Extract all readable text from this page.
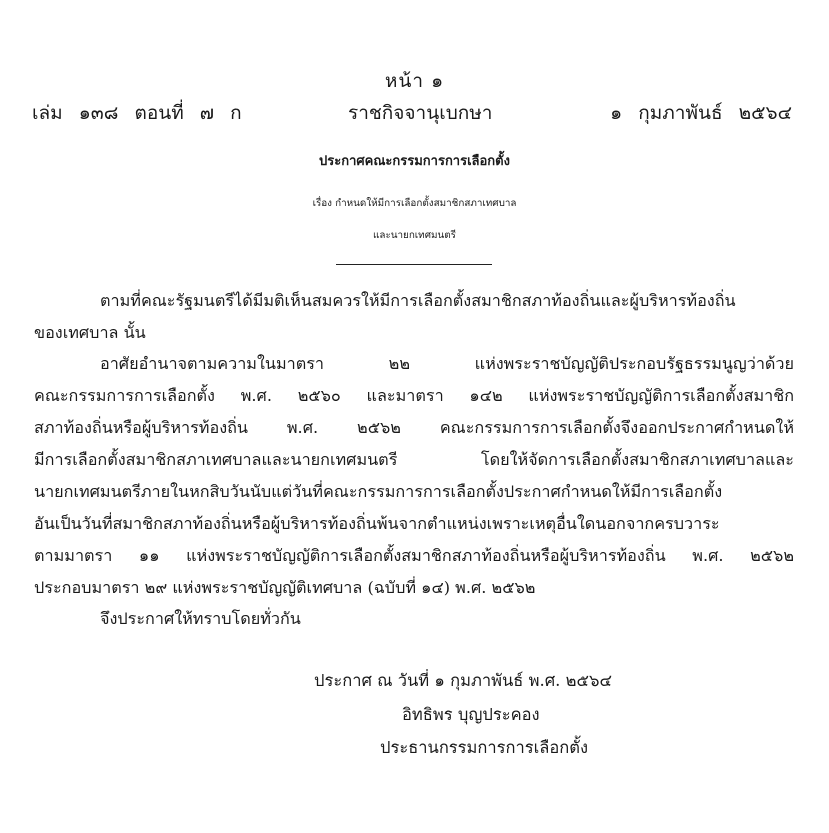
หน้า ๑
เล่ม ๑๓๘ ตอนที่ ๗ ก	ราชกิจจานุเบกษา	๑ กุมภาพันธ์ ๒๕๖๔
ประกาศคณะกรรมการการเลือกตั้ง
เรื่อง กำหนดให้มีการเลือกตั้งสมาชิกสภาเทศบาล
และนายกเทศมนตรี
ตามที่คณะรัฐมนตรีได้มีมติเห็นสมควรให้มีการเลือกตั้งสมาชิกสภาท้องถิ่นและผู้บริหารท้องถิ่น
ของเทศบาล นั้น
อาศัยอำนาจตามความในมาตรา ๒๒ แห่งพระราชบัญญัติประกอบรัฐธรรมนูญว่าด้วย
คณะกรรมการการเลือกตั้ง พ.ศ. ๒๕๖๐ และมาตรา ๑๔๒ แห่งพระราชบัญญัติการเลือกตั้งสมาชิก
สภาท้องถิ่นหรือผู้บริหารท้องถิ่น พ.ศ. ๒๕๖๒ คณะกรรมการการเลือกตั้งจึงออกประกาศกำหนดให้
มีการเลือกตั้งสมาชิกสภาเทศบาลและนายกเทศมนตรี โดยให้จัดการเลือกตั้งสมาชิกสภาเทศบาลและ
นายกเทศมนตรีภายในหกสิบวันนับแต่วันที่คณะกรรมการการเลือกตั้งประกาศกำหนดให้มีการเลือกตั้ง
อันเป็นวันที่สมาชิกสภาท้องถิ่นหรือผู้บริหารท้องถิ่นพ้นจากตำแหน่งเพราะเหตุอื่นใดนอกจากครบวาระ
ตามมาตรา ๑๑ แห่งพระราชบัญญัติการเลือกตั้งสมาชิกสภาท้องถิ่นหรือผู้บริหารท้องถิ่น พ.ศ. ๒๕๖๒
ประกอบมาตรา ๒๙ แห่งพระราชบัญญัติเทศบาล (ฉบับที่ ๑๔) พ.ศ. ๒๕๖๒
จึงประกาศให้ทราบโดยทั่วกัน
ประกาศ ณ วันที่ ๑ กุมภาพันธ์ พ.ศ. ๒๕๖๔
อิทธิพร บุญประคอง
ประธานกรรมการการเลือกตั้ง
